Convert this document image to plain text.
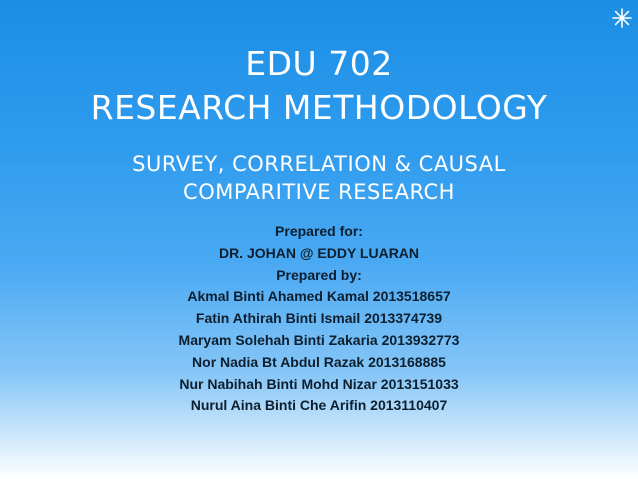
EDU 702
RESEARCH METHODOLOGY
SURVEY, CORRELATION & CAUSAL
COMPARITIVE RESEARCH
Prepared for:
DR. JOHAN @ EDDY LUARAN
Prepared by:
Akmal Binti Ahamed Kamal 2013518657
Fatin Athirah Binti Ismail 2013374739
Maryam Solehah Binti Zakaria 2013932773
Nor Nadia Bt Abdul Razak 2013168885
Nur Nabihah Binti Mohd Nizar 2013151033
Nurul Aina Binti Che Arifin 2013110407
